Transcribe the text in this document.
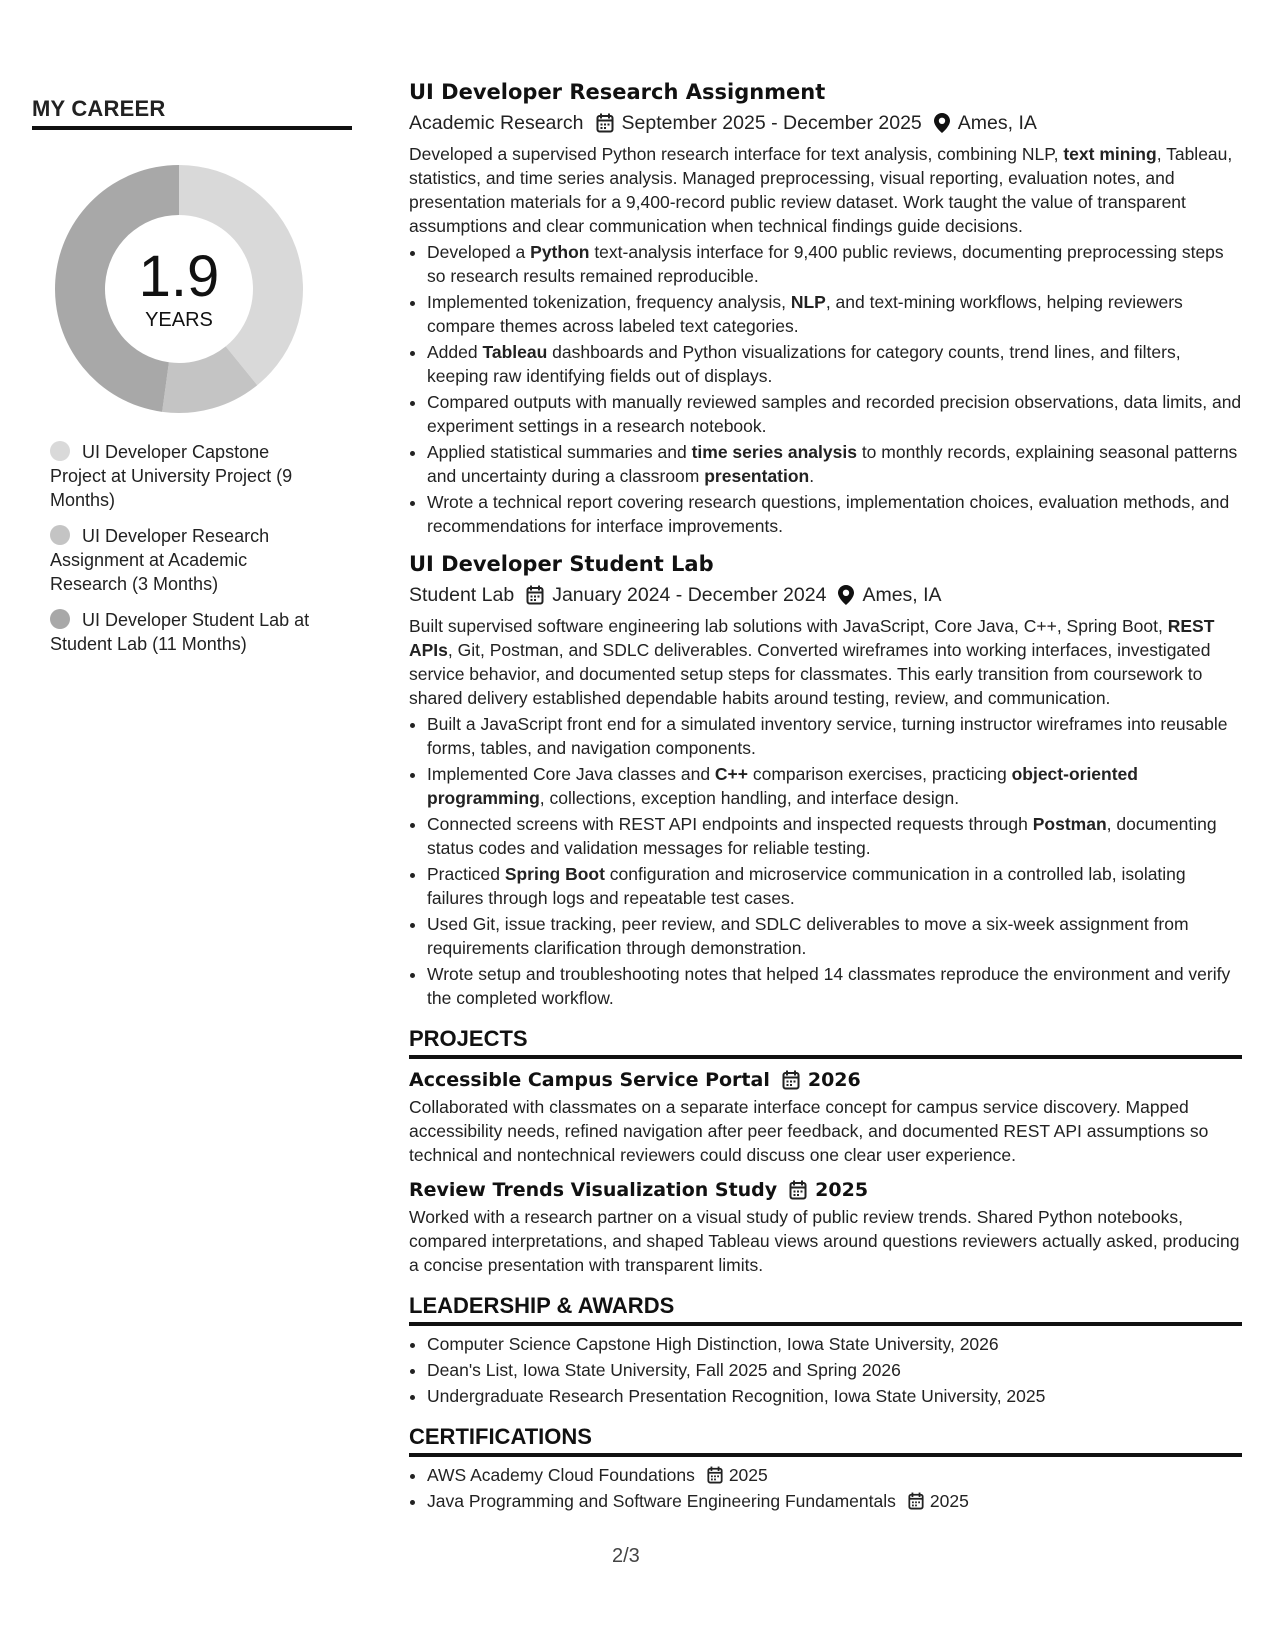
MY CAREER
1.9
YEARS
UI Developer Capstone Project at University Project (9 Months)
UI Developer Research Assignment at Academic Research (3 Months)
UI Developer Student Lab at Student Lab (11 Months)
UI Developer Research Assignment
Academic Research September 2025 - December 2025 Ames, IA

Developed a supervised Python research interface for text analysis, combining NLP, text mining, Tableau, statistics, and time series analysis. Managed preprocessing, visual reporting, evaluation notes, and presentation materials for a 9,400-record public review dataset. Work taught the value of transparent assumptions and clear communication when technical findings guide decisions.

• Developed a Python text-analysis interface for 9,400 public reviews, documenting preprocessing steps so research results remained reproducible.
• Implemented tokenization, frequency analysis, NLP, and text-mining workflows, helping reviewers compare themes across labeled text categories.
• Added Tableau dashboards and Python visualizations for category counts, trend lines, and filters, keeping raw identifying fields out of displays.
• Compared outputs with manually reviewed samples and recorded precision observations, data limits, and experiment settings in a research notebook.
• Applied statistical summaries and time series analysis to monthly records, explaining seasonal patterns and uncertainty during a classroom presentation.
• Wrote a technical report covering research questions, implementation choices, evaluation methods, and recommendations for interface improvements.
UI Developer Student Lab
Student Lab January 2024 - December 2024 Ames, IA

Built supervised software engineering lab solutions with JavaScript, Core Java, C++, Spring Boot, REST APIs, Git, Postman, and SDLC deliverables. Converted wireframes into working interfaces, investigated service behavior, and documented setup steps for classmates. This early transition from coursework to shared delivery established dependable habits around testing, review, and communication.

• Built a JavaScript front end for a simulated inventory service, turning instructor wireframes into reusable forms, tables, and navigation components.
• Implemented Core Java classes and C++ comparison exercises, practicing object-oriented programming, collections, exception handling, and interface design.
• Connected screens with REST API endpoints and inspected requests through Postman, documenting status codes and validation messages for reliable testing.
• Practiced Spring Boot configuration and microservice communication in a controlled lab, isolating failures through logs and repeatable test cases.
• Used Git, issue tracking, peer review, and SDLC deliverables to move a six-week assignment from requirements clarification through demonstration.
• Wrote setup and troubleshooting notes that helped 14 classmates reproduce the environment and verify the completed workflow.
PROJECTS
Accessible Campus Service Portal 2026

Collaborated with classmates on a separate interface concept for campus service discovery. Mapped accessibility needs, refined navigation after peer feedback, and documented REST API assumptions so technical and nontechnical reviewers could discuss one clear user experience.

Review Trends Visualization Study 2025

Worked with a research partner on a visual study of public review trends. Shared Python notebooks, compared interpretations, and shaped Tableau views around questions reviewers actually asked, producing a concise presentation with transparent limits.

LEADERSHIP & AWARDS
• Computer Science Capstone High Distinction, Iowa State University, 2026
• Dean's List, Iowa State University, Fall 2025 and Spring 2026
• Undergraduate Research Presentation Recognition, Iowa State University, 2025
CERTIFICATIONS
• AWS Academy Cloud Foundations 2025
• Java Programming and Software Engineering Fundamentals 2025
2/3
